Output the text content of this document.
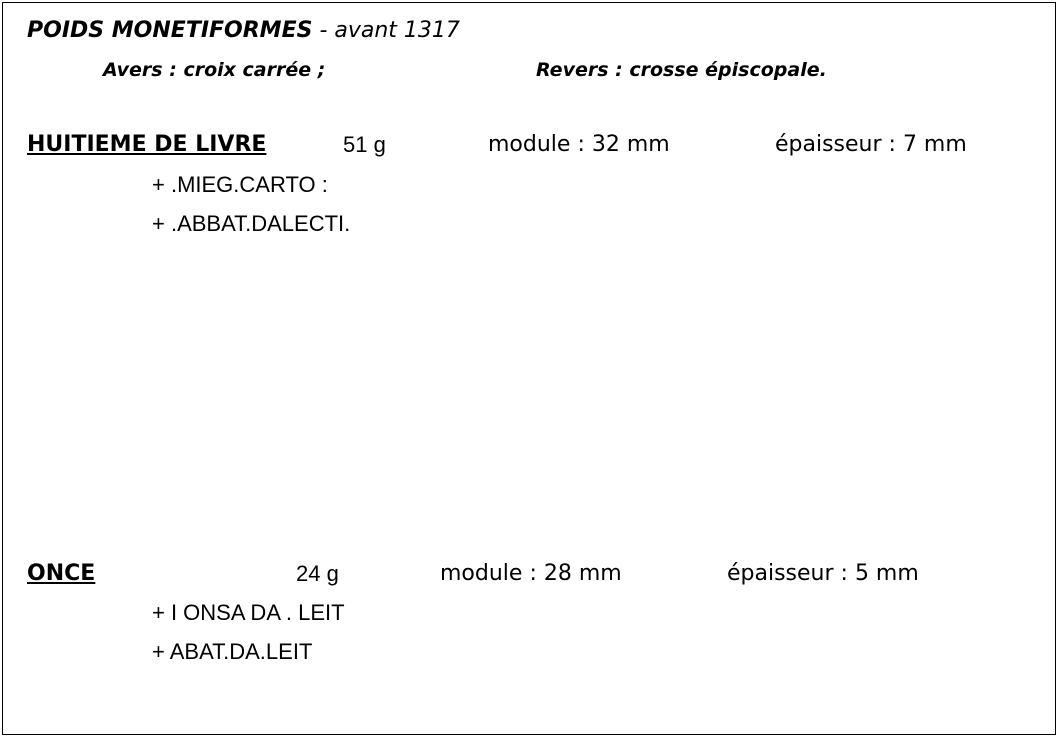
POIDS MONETIFORMES - avant 1317
Avers : croix carrée ;	Revers : crosse épiscopale.
HUITIEME DE LIVRE	51 g	module : 32 mm	épaisseur : 7 mm
+ .MIEG.CARTO :
+ .ABBAT.DALECTI.
ONCE	24 g	module : 28 mm	épaisseur : 5 mm
+ I ONSA DA . LEIT
+ ABAT.DA.LEIT
